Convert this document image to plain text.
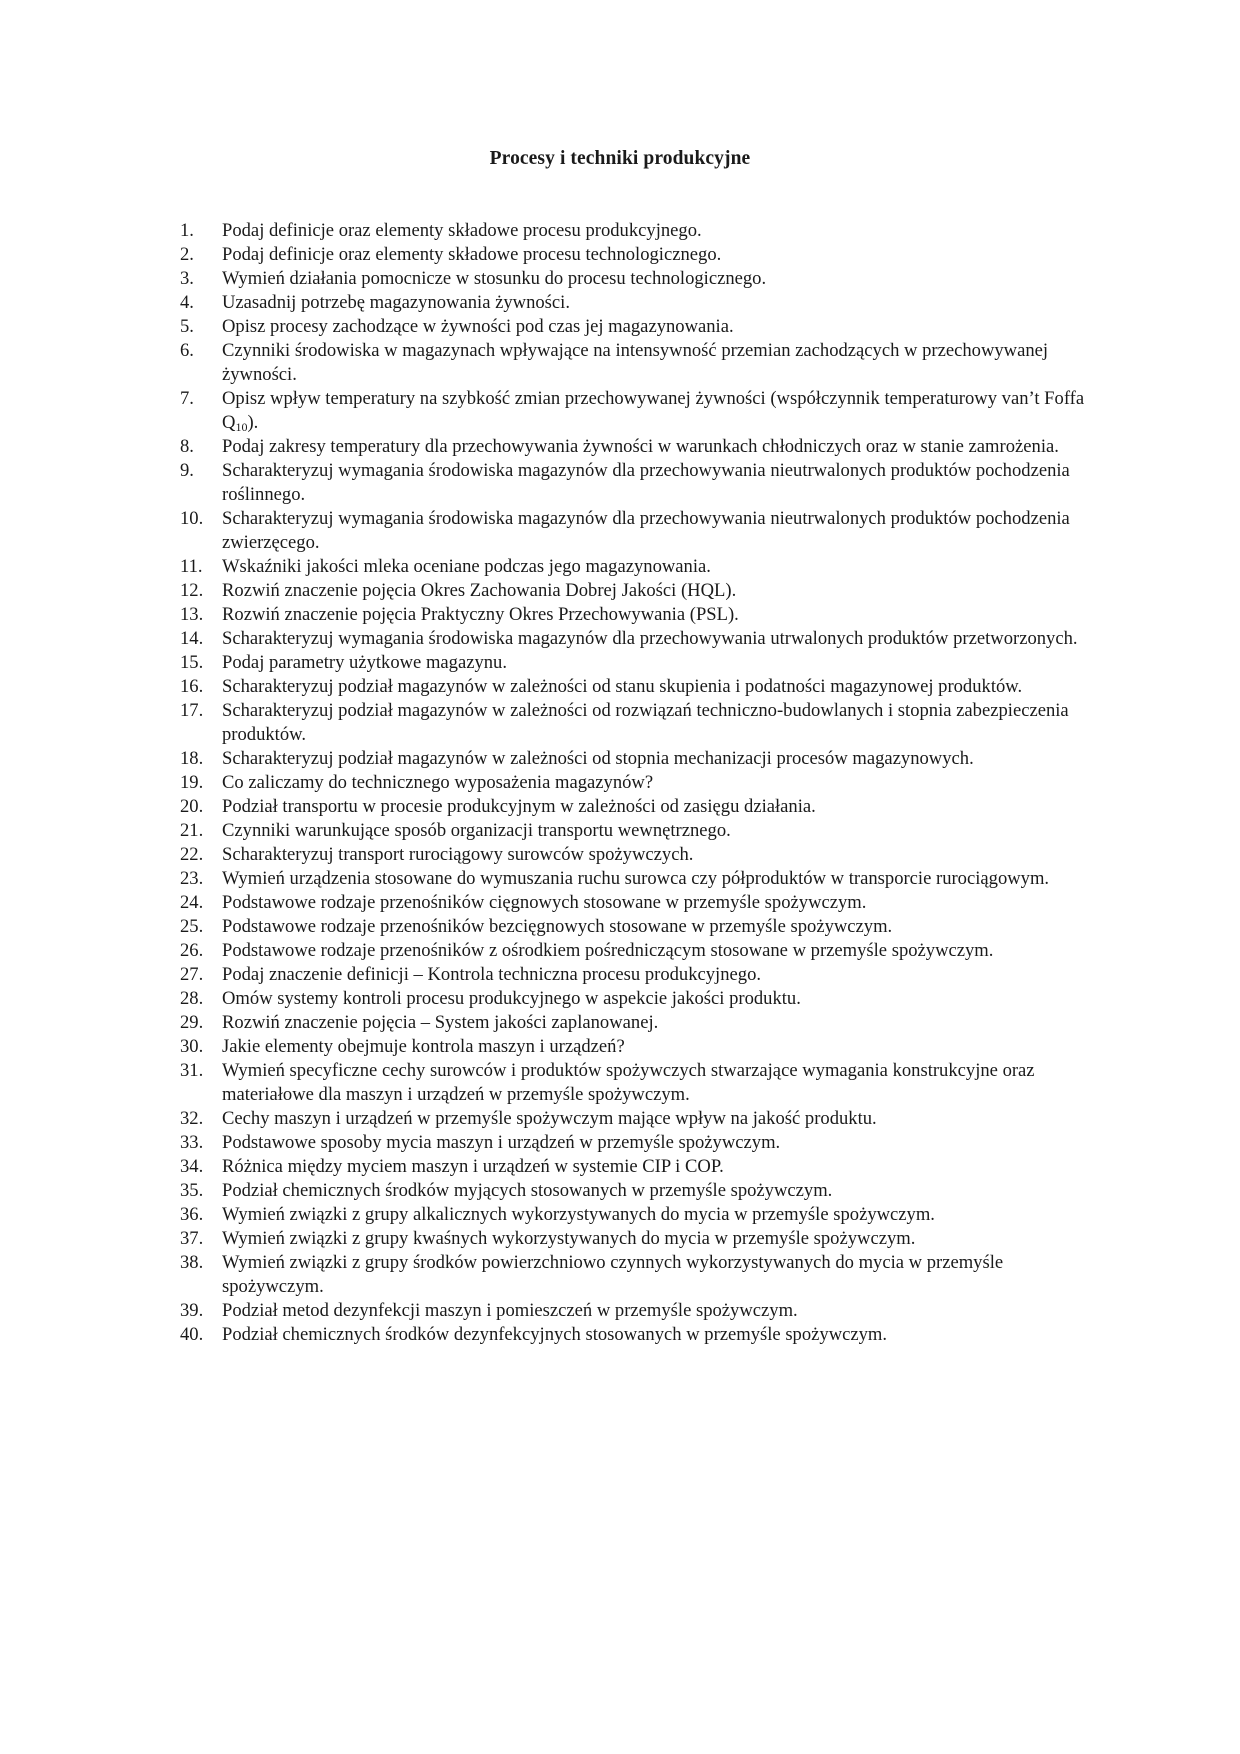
Procesy i techniki produkcyjne
1.	Podaj definicje oraz elementy składowe procesu produkcyjnego.
2.	Podaj definicje oraz elementy składowe procesu technologicznego.
3.	Wymień działania pomocnicze w stosunku do procesu technologicznego.
4.	Uzasadnij potrzebę magazynowania żywności.
5.	Opisz procesy zachodzące w żywności pod czas jej magazynowania.
6.	Czynniki środowiska w magazynach wpływające na intensywność przemian zachodzących w przechowywanej żywności.
7.	Opisz wpływ temperatury na szybkość zmian przechowywanej żywności (współczynnik temperaturowy van’t Foffa $Q_{10}$).
8.	Podaj zakresy temperatury dla przechowywania żywności w warunkach chłodniczych oraz w stanie zamrożenia.
9.	Scharakteryzuj wymagania środowiska magazynów dla przechowywania nieutrwalonych produktów pochodzenia roślinnego.
10.	Scharakteryzuj wymagania środowiska magazynów dla przechowywania nieutrwalonych produktów pochodzenia zwierzęcego.
11.	Wskaźniki jakości mleka oceniane podczas jego magazynowania.
12.	Rozwiń znaczenie pojęcia Okres Zachowania Dobrej Jakości (HQL).
13.	Rozwiń znaczenie pojęcia Praktyczny Okres Przechowywania (PSL).
14.	Scharakteryzuj wymagania środowiska magazynów dla przechowywania utrwalonych produktów przetworzonych.
15.	Podaj parametry użytkowe magazynu.
16.	Scharakteryzuj podział magazynów w zależności od stanu skupienia i podatności magazynowej produktów.
17.	Scharakteryzuj podział magazynów w zależności od rozwiązań techniczno-budowlanych i stopnia zabezpieczenia produktów.
18.	Scharakteryzuj podział magazynów w zależności od stopnia mechanizacji procesów magazynowych.
19.	Co zaliczamy do technicznego wyposażenia magazynów?
20.	Podział transportu w procesie produkcyjnym w zależności od zasięgu działania.
21.	Czynniki warunkujące sposób organizacji transportu wewnętrznego.
22.	Scharakteryzuj transport rurociągowy surowców spożywczych.
23.	Wymień urządzenia stosowane do wymuszania ruchu surowca czy półproduktów w transporcie rurociągowym.
24.	Podstawowe rodzaje przenośników cięgnowych stosowane w przemyśle spożywczym.
25.	Podstawowe rodzaje przenośników bezcięgnowych stosowane w przemyśle spożywczym.
26.	Podstawowe rodzaje przenośników z ośrodkiem pośredniczącym stosowane w przemyśle spożywczym.
27.	Podaj znaczenie definicji – Kontrola techniczna procesu produkcyjnego.
28.	Omów systemy kontroli procesu produkcyjnego w aspekcie jakości produktu.
29.	Rozwiń znaczenie pojęcia – System jakości zaplanowanej.
30.	Jakie elementy obejmuje kontrola maszyn i urządzeń?
31.	Wymień specyficzne cechy surowców i produktów spożywczych stwarzające wymagania konstrukcyjne oraz materiałowe dla maszyn i urządzeń w przemyśle spożywczym.
32.	Cechy maszyn i urządzeń w przemyśle spożywczym mające wpływ na jakość produktu.
33.	Podstawowe sposoby mycia maszyn i urządzeń w przemyśle spożywczym.
34.	Różnica między myciem maszyn i urządzeń w systemie CIP i COP.
35.	Podział chemicznych środków myjących stosowanych w przemyśle spożywczym.
36.	Wymień związki z grupy alkalicznych wykorzystywanych do mycia w przemyśle spożywczym.
37.	Wymień związki z grupy kwaśnych wykorzystywanych do mycia w przemyśle spożywczym.
38.	Wymień związki z grupy środków powierzchniowo czynnych wykorzystywanych do mycia w przemyśle spożywczym.
39.	Podział metod dezynfekcji maszyn i pomieszczeń w przemyśle spożywczym.
40.	Podział chemicznych środków dezynfekcyjnych stosowanych w przemyśle spożywczym.
